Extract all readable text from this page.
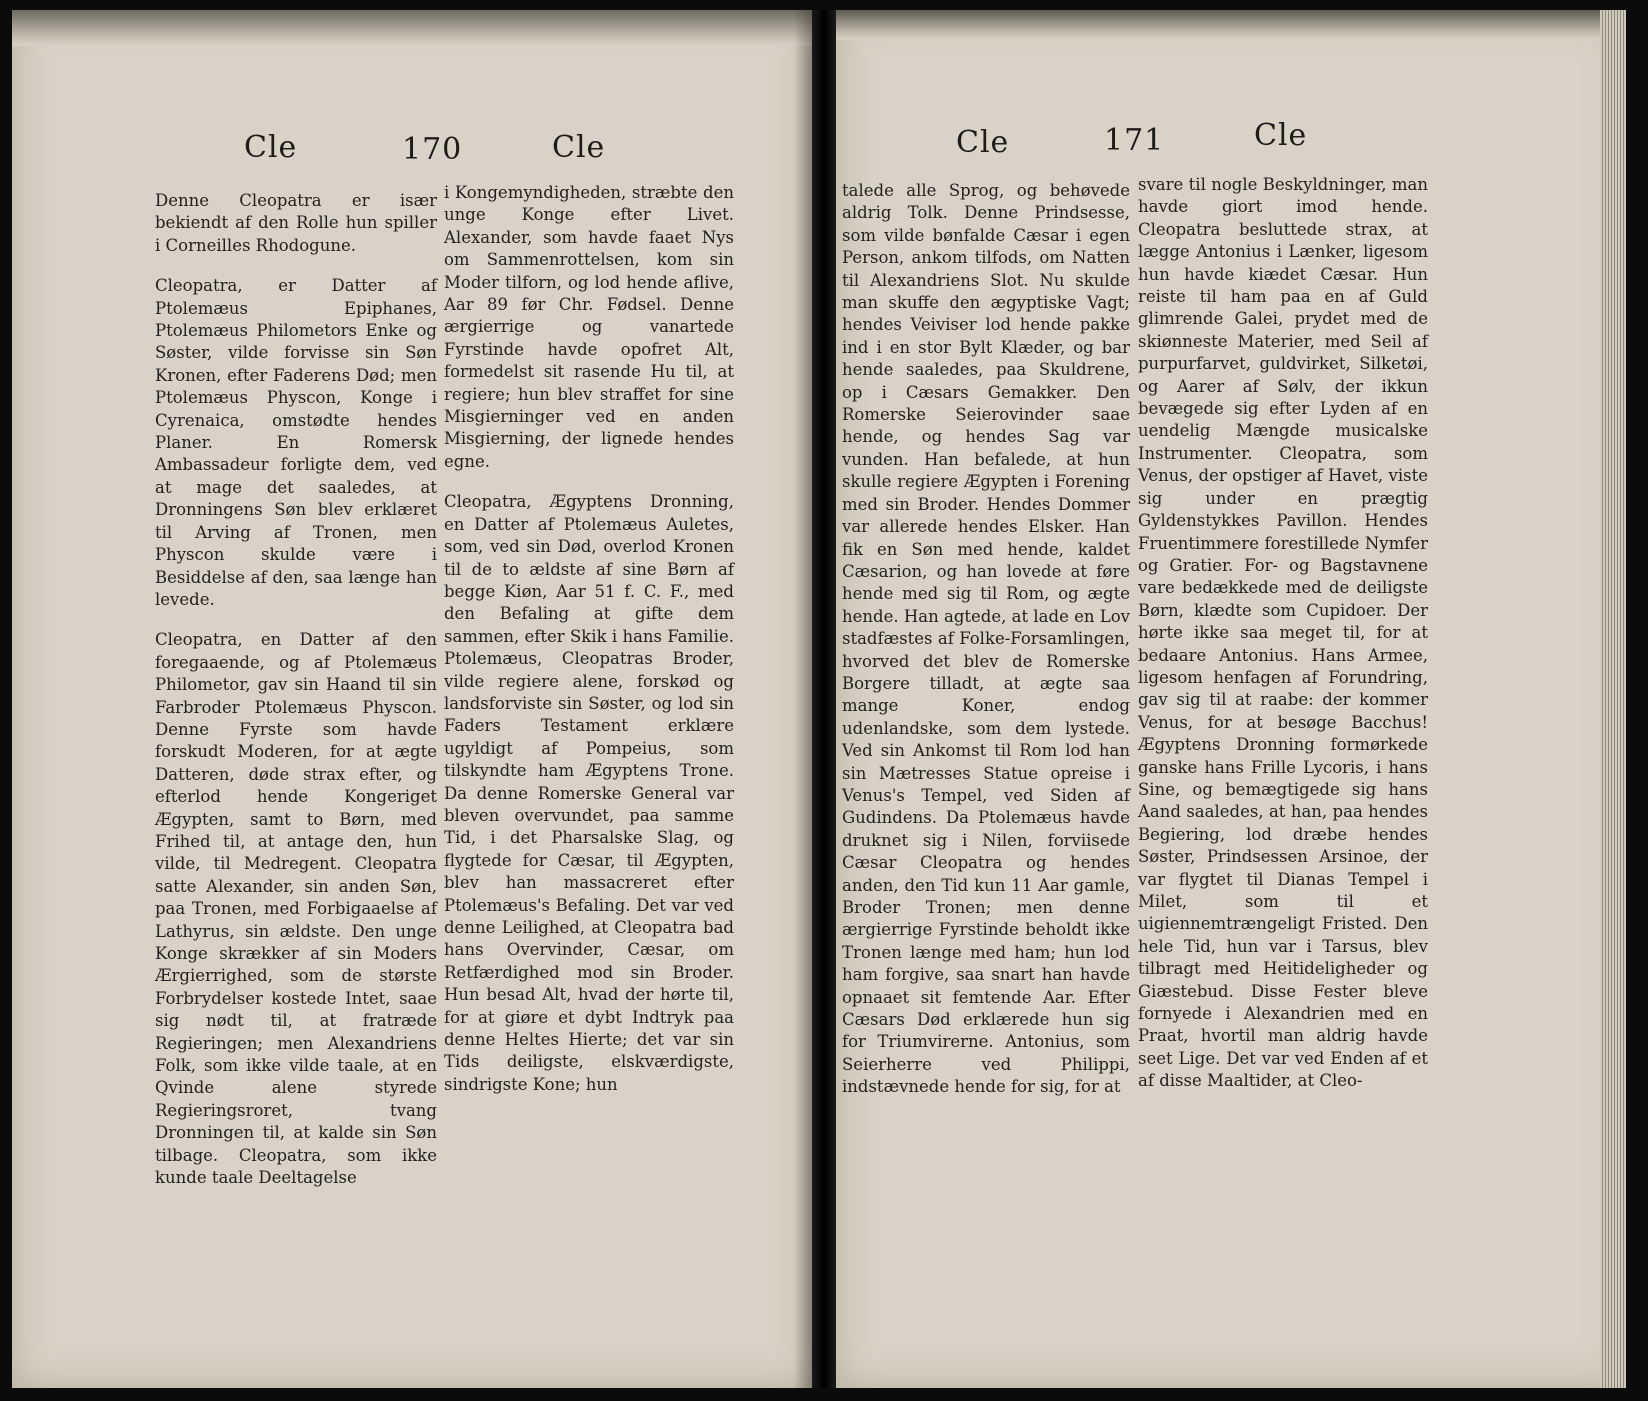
Cle	170	Cle

Denne Cleopatra er især bekiendt af den Rolle hun spiller i Corneilles Rhodogune.

Cleopatra, er Datter af Ptolemæus Epiphanes, Ptolemæus Philometors Enke og Søster, vilde forvisse sin Søn Kronen, efter Faderens Død; men Ptolemæus Physcon, Konge i Cyrenaica, omstødte hendes Planer. En Romersk Ambassadeur forligte dem, ved at mage det saaledes, at Dronningens Søn blev erklæret til Arving af Tronen, men Physcon skulde være i Besiddelse af den, saa længe han levede.

Cleopatra, en Datter af den foregaaende, og af Ptolemæus Philometor, gav sin Haand til sin Farbroder Ptolemæus Physcon. Denne Fyrste som havde forskudt Moderen, for at ægte Datteren, døde strax efter, og efterlod hende Kongeriget Ægypten, samt to Børn, med Frihed til, at antage den, hun vilde, til Medregent. Cleopatra satte Alexander, sin anden Søn, paa Tronen, med Forbigaaelse af Lathyrus, sin ældste. Den unge Konge skrækker af sin Moders Ærgierrighed, som de største Forbrydelser kostede Intet, saae sig nødt til, at fratræde Regieringen; men Alexandriens Folk, som ikke vilde taale, at en Qvinde alene styrede Regieringsroret, tvang Dronningen til, at kalde sin Søn tilbage. Cleopatra, som ikke kunde taale Deeltagelse

i Kongemyndigheden, stræbte den unge Konge efter Livet. Alexander, som havde faaet Nys om Sammenrottelsen, kom sin Moder tilforn, og lod hende aflive, Aar 89 før Chr. Fødsel. Denne ærgierrige og vanartede Fyrstinde havde opofret Alt, formedelst sit rasende Hu til, at regiere; hun blev straffet for sine Misgierninger ved en anden Misgierning, der lignede hendes egne.

Cleopatra, Ægyptens Dronning, en Datter af Ptolemæus Auletes, som, ved sin Død, overlod Kronen til de to ældste af sine Børn af begge Kiøn, Aar 51 f. C. F., med den Befaling at gifte dem sammen, efter Skik i hans Familie. Ptolemæus, Cleopatras Broder, vilde regiere alene, forskød og landsforviste sin Søster, og lod sin Faders Testament erklære ugyldigt af Pompeius, som tilskyndte ham Ægyptens Trone. Da denne Romerske General var bleven overvundet, paa samme Tid, i det Pharsalske Slag, og flygtede for Cæsar, til Ægypten, blev han massacreret efter Ptolemæus's Befaling. Det var ved denne Leilighed, at Cleopatra bad hans Overvinder, Cæsar, om Retfærdighed mod sin Broder. Hun besad Alt, hvad der hørte til, for at giøre et dybt Indtryk paa denne Heltes Hierte; det var sin Tids deiligste, elskværdigste, sindrigste Kone; hun

Cle	171	Cle

talede alle Sprog, og behøvede aldrig Tolk. Denne Prindsesse, som vilde bønfalde Cæsar i egen Person, ankom tilfods, om Natten til Alexandriens Slot. Nu skulde man skuffe den ægyptiske Vagt; hendes Veiviser lod hende pakke ind i en stor Bylt Klæder, og bar hende saaledes, paa Skuldrene, op i Cæsars Gemakker. Den Romerske Seierovinder saae hende, og hendes Sag var vunden. Han befalede, at hun skulle regiere Ægypten i Forening med sin Broder. Hendes Dommer var allerede hendes Elsker. Han fik en Søn med hende, kaldet Cæsarion, og han lovede at føre hende med sig til Rom, og ægte hende. Han agtede, at lade en Lov stadfæstes af Folke-Forsamlingen, hvorved det blev de Romerske Borgere tilladt, at ægte saa mange Koner, endog udenlandske, som dem lystede. Ved sin Ankomst til Rom lod han sin Mætresses Statue opreise i Venus's Tempel, ved Siden af Gudindens. Da Ptolemæus havde druknet sig i Nilen, forviisede Cæsar Cleopatra og hendes anden, den Tid kun 11 Aar gamle, Broder Tronen; men denne ærgierrige Fyrstinde beholdt ikke Tronen længe med ham; hun lod ham forgive, saa snart han havde opnaaet sit femtende Aar. Efter Cæsars Død erklærede hun sig for Triumvirerne. Antonius, som Seierherre ved Philippi, indstævnede hende for sig, for at

svare til nogle Beskyldninger, man havde giort imod hende. Cleopatra besluttede strax, at lægge Antonius i Lænker, ligesom hun havde kiædet Cæsar. Hun reiste til ham paa en af Guld glimrende Galei, prydet med de skiønneste Materier, med Seil af purpurfarvet, guldvirket, Silketøi, og Aarer af Sølv, der ikkun bevægede sig efter Lyden af en uendelig Mængde musicalske Instrumenter. Cleopatra, som Venus, der opstiger af Havet, viste sig under en prægtig Gyldenstykkes Pavillon. Hendes Fruentimmere forestillede Nymfer og Gratier. For- og Bagstavnene vare bedækkede med de deiligste Børn, klædte som Cupidoer. Der hørte ikke saa meget til, for at bedaare Antonius. Hans Armee, ligesom henfagen af Forundring, gav sig til at raabe: der kommer Venus, for at besøge Bacchus! Ægyptens Dronning formørkede ganske hans Frille Lycoris, i hans Sine, og bemægtigede sig hans Aand saaledes, at han, paa hendes Begiering, lod dræbe hendes Søster, Prindsessen Arsinoe, der var flygtet til Dianas Tempel i Milet, som til et uigiennemtrængeligt Fristed. Den hele Tid, hun var i Tarsus, blev tilbragt med Heitideligheder og Giæstebud. Disse Fester bleve fornyede i Alexandrien med en Praat, hvortil man aldrig havde seet Lige. Det var ved Enden af et af disse Maaltider, at Cleo-
